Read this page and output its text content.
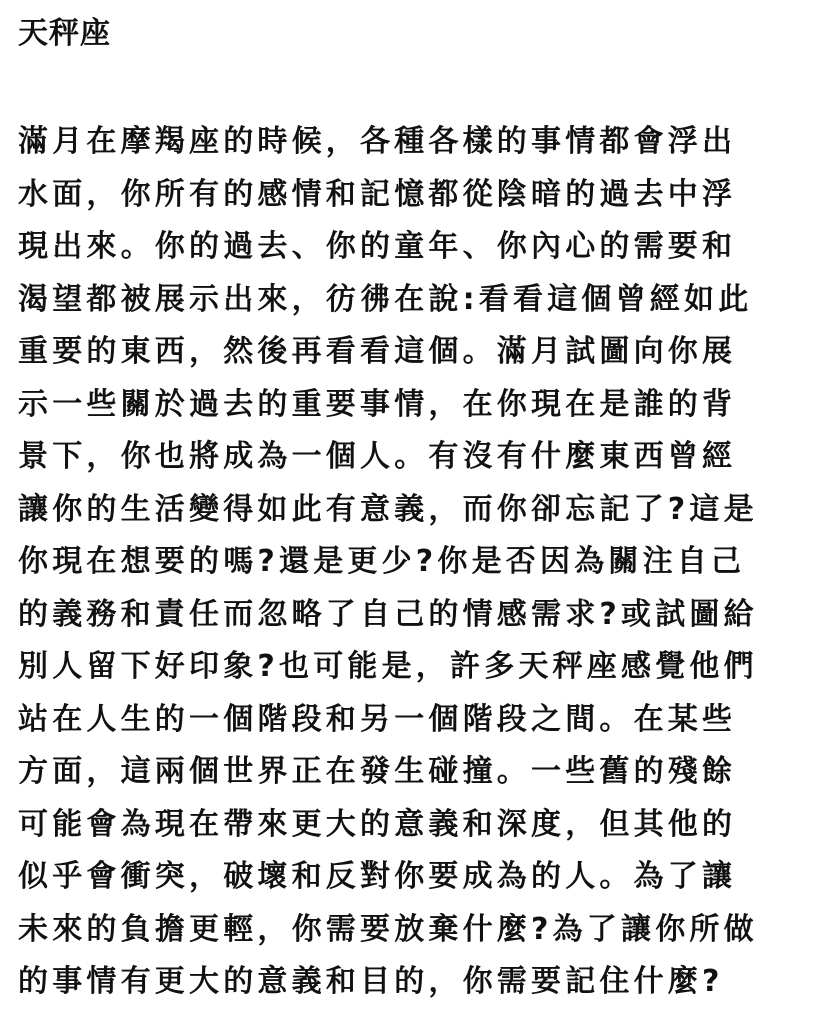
天秤座
滿月在摩羯座的時候，各種各樣的事情都會浮出
水面，你所有的感情和記憶都從陰暗的過去中浮
現出來。你的過去、你的童年、你內心的需要和
渴望都被展示出來，彷彿在說:看看這個曾經如此
重要的東西，然後再看看這個。滿月試圖向你展
示一些關於過去的重要事情，在你現在是誰的背
景下，你也將成為一個人。有沒有什麼東西曾經
讓你的生活變得如此有意義，而你卻忘記了?這是
你現在想要的嗎?還是更少?你是否因為關注自己
的義務和責任而忽略了自己的情感需求?或試圖給
別人留下好印象?也可能是，許多天秤座感覺他們
站在人生的一個階段和另一個階段之間。在某些
方面，這兩個世界正在發生碰撞。一些舊的殘餘
可能會為現在帶來更大的意義和深度，但其他的
似乎會衝突，破壞和反對你要成為的人。為了讓
未來的負擔更輕，你需要放棄什麼?為了讓你所做
的事情有更大的意義和目的，你需要記住什麼?
